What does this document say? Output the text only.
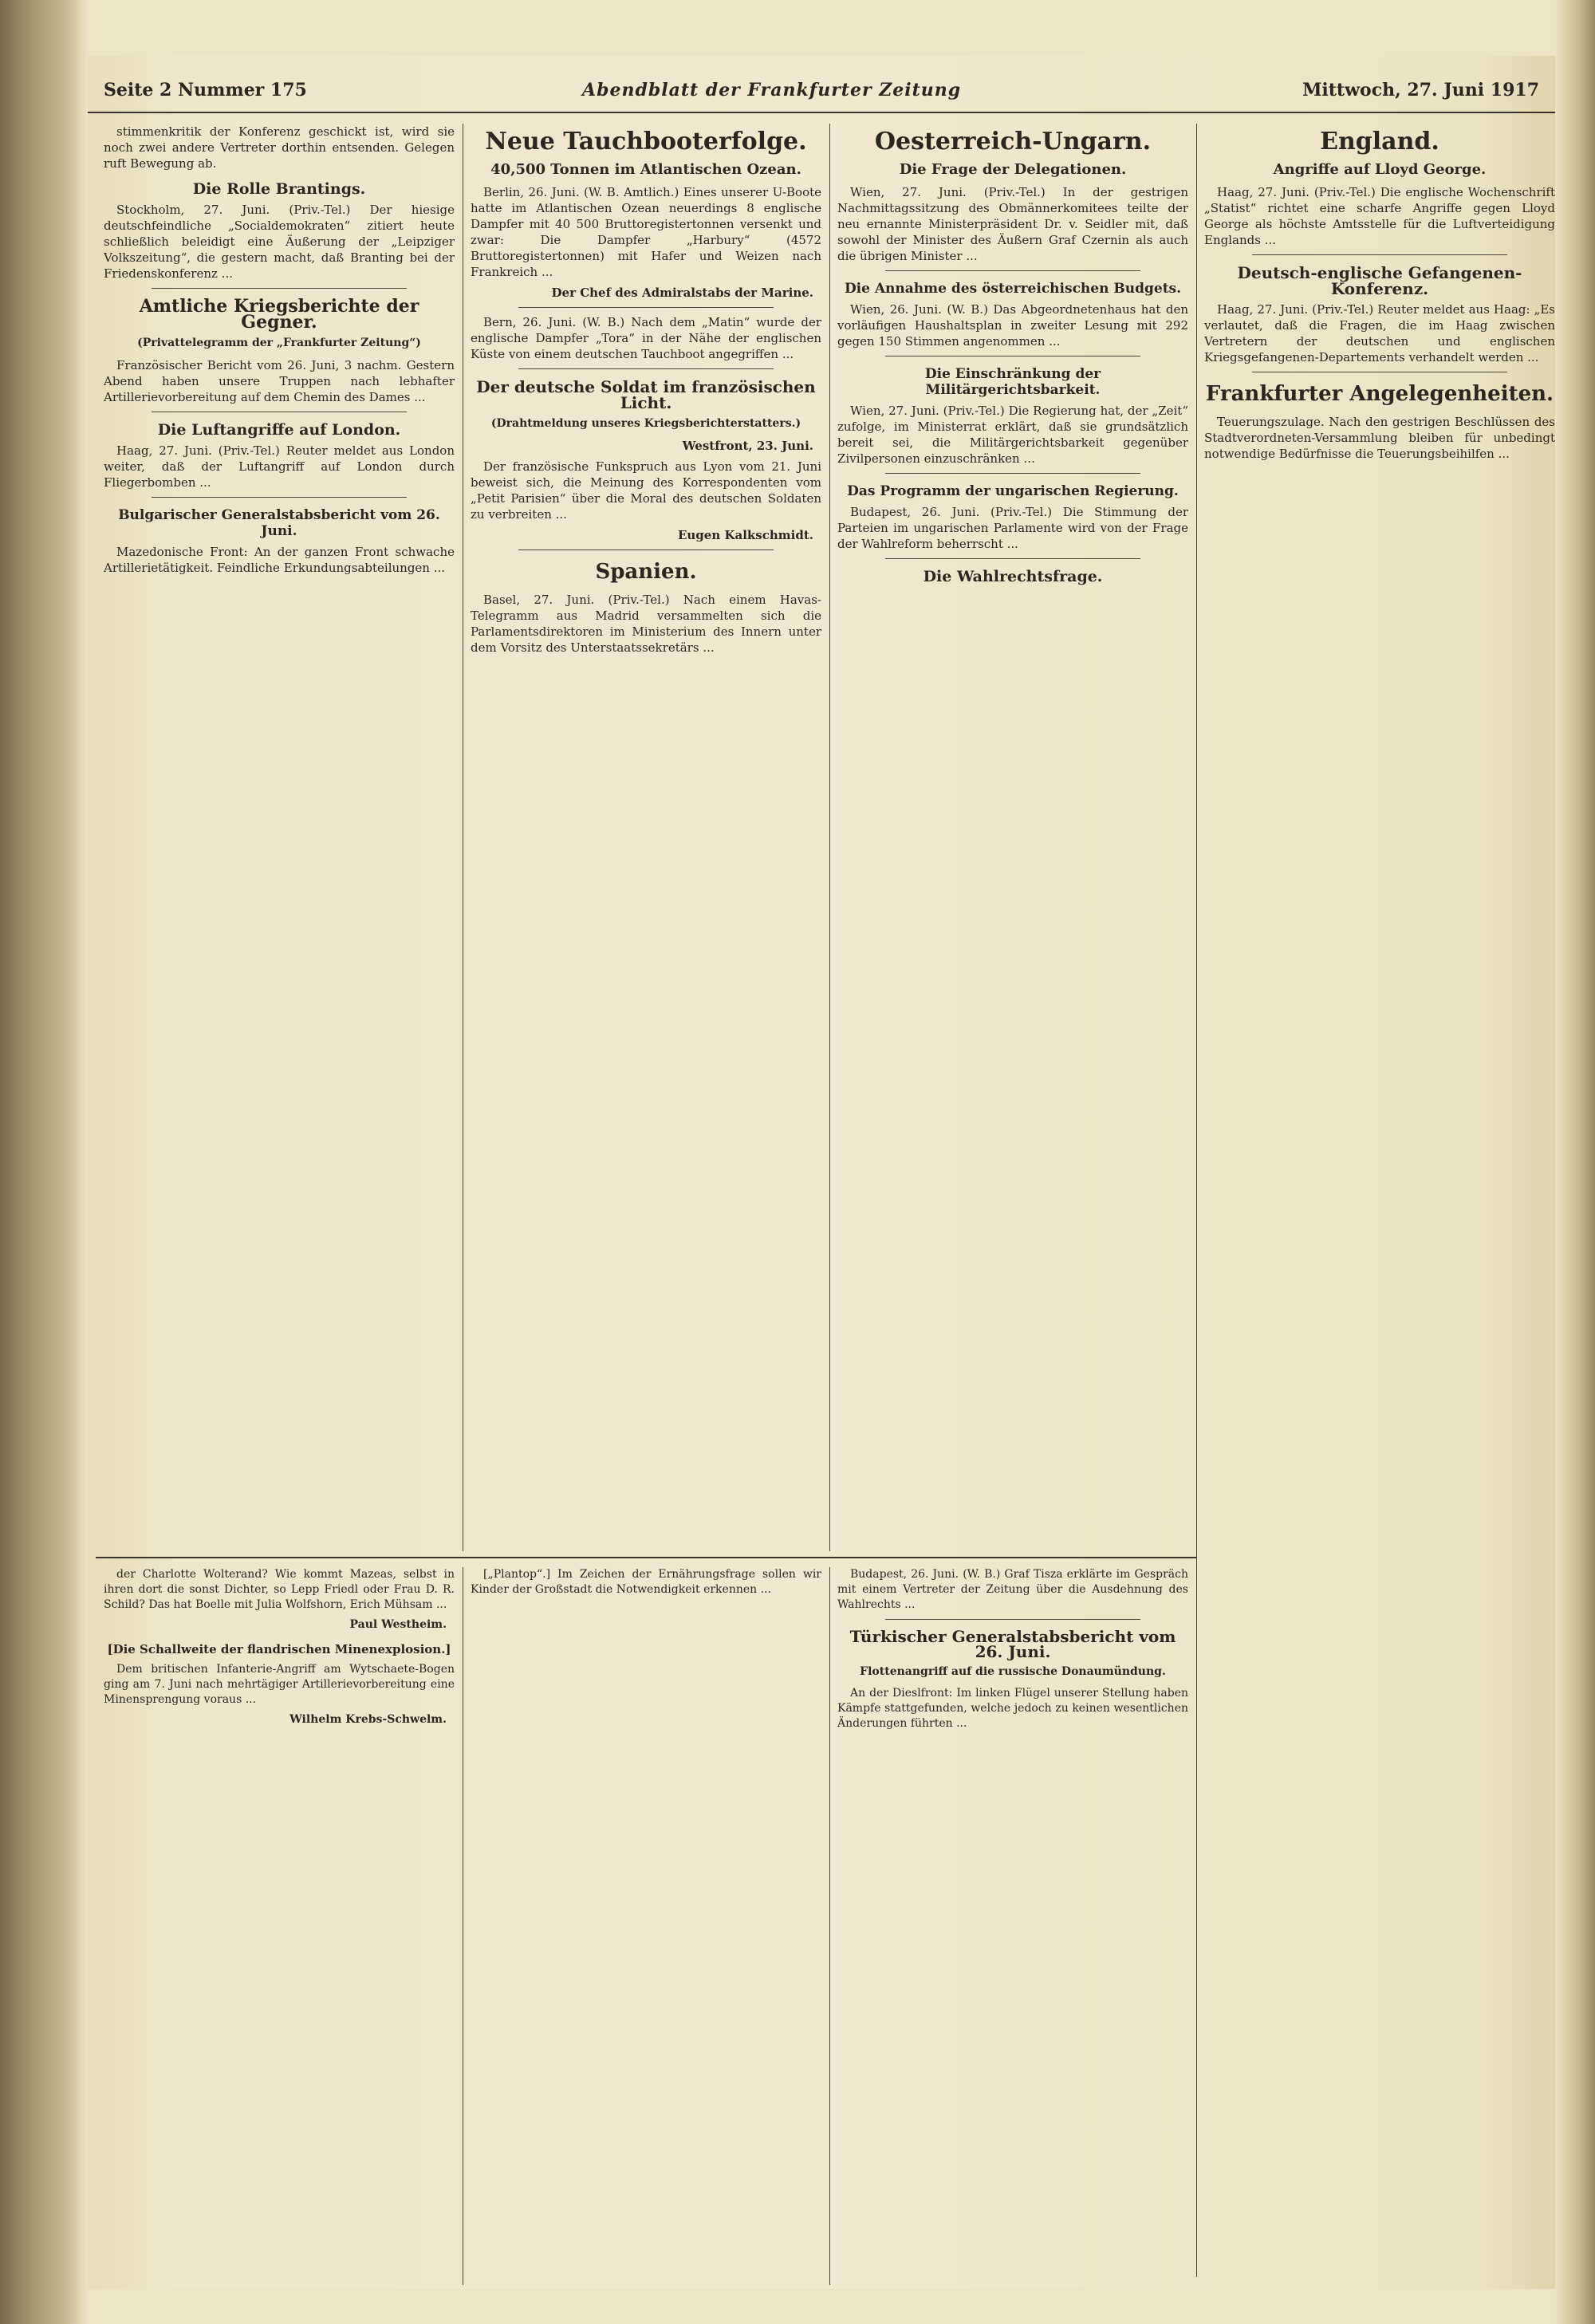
Seite 2 Nummer 175	Abendblatt der Frankfurter Zeitung	Mittwoch, 27. Juni 1917

stimmenkritik der Konferenz geschickt ist, wird sie noch zwei andere Vertreter dorthin entsenden. Gelegen ruft Bewegung ab.

Die Rolle Brantings.

Stockholm, 27. Juni. (Priv.-Tel.) Der hiesige deutschfeindliche „Socialdemokraten“ zitiert heute schließlich beleidigt eine Äußerung der „Leipziger Volkszeitung“, die gestern macht, daß Branting bei der Friedenskonferenz ...

Amtliche Kriegsberichte der Gegner.
(Privattelegramm der „Frankfurter Zeitung“)

Französischer Bericht vom 26. Juni, 3 nachm. Gestern Abend haben unsere Truppen nach lebhafter Artillerievorbereitung auf dem Chemin des Dames ...

Die Luftangriffe auf London.

Haag, 27. Juni. (Priv.-Tel.) Reuter meldet aus London weiter, daß der Luftangriff auf London durch Fliegerbomben ...

Bulgarischer Generalstabsbericht vom 26. Juni.

Mazedonische Front: An der ganzen Front schwache Artillerietätigkeit. Feindliche Erkundungsabteilungen ...

Neue Tauchbooterfolge.
40,500 Tonnen im Atlantischen Ozean.

Berlin, 26. Juni. (W. B. Amtlich.) Eines unserer U-Boote hatte im Atlantischen Ozean neuerdings 8 englische Dampfer mit 40 500 Bruttoregistertonnen versenkt und zwar: Die Dampfer „Harbury“ (4572 Bruttoregistertonnen) mit Hafer und Weizen nach Frankreich ...

Der Chef des Admiralstabs der Marine.

Bern, 26. Juni. (W. B.) Nach dem „Matin“ wurde der englische Dampfer „Tora“ in der Nähe der englischen Küste von einem deutschen Tauchboot angegriffen ...

Der deutsche Soldat im französischen Licht.
(Drahtmeldung unseres Kriegsberichterstatters.)

Westfront, 23. Juni.

Der französische Funkspruch aus Lyon vom 21. Juni beweist sich, die Meinung des Korrespondenten vom „Petit Parisien“ über die Moral des deutschen Soldaten zu verbreiten ...

Eugen Kalkschmidt.

Spanien.

Basel, 27. Juni. (Priv.-Tel.) Nach einem Havas-Telegramm aus Madrid versammelten sich die Parlamentsdirektoren im Ministerium des Innern unter dem Vorsitz des Unterstaatssekretärs ...

Oesterreich-Ungarn.
Die Frage der Delegationen.

Wien, 27. Juni. (Priv.-Tel.) In der gestrigen Nachmittagssitzung des Obmännerkomitees teilte der neu ernannte Ministerpräsident Dr. v. Seidler mit, daß sowohl der Minister des Äußern Graf Czernin als auch die übrigen Minister ...

Die Annahme des österreichischen Budgets.

Wien, 26. Juni. (W. B.) Das Abgeordnetenhaus hat den vorläufigen Haushaltsplan in zweiter Lesung mit 292 gegen 150 Stimmen angenommen ...

Die Einschränkung der Militärgerichtsbarkeit.

Wien, 27. Juni. (Priv.-Tel.) Die Regierung hat, der „Zeit“ zufolge, im Ministerrat erklärt, daß sie grundsätzlich bereit sei, die Militärgerichtsbarkeit gegenüber Zivilpersonen einzuschränken ...

Das Programm der ungarischen Regierung.

Budapest, 26. Juni. (Priv.-Tel.) Die Stimmung der Parteien im ungarischen Parlamente wird von der Frage der Wahlreform beherrscht ...

Die Wahlrechtsfrage.
England.
Angriffe auf Lloyd George.

Haag, 27. Juni. (Priv.-Tel.) Die englische Wochenschrift „Statist“ richtet eine scharfe Angriffe gegen Lloyd George als höchste Amtsstelle für die Luftverteidigung Englands ...

Deutsch-englische Gefangenen-Konferenz.

Haag, 27. Juni. (Priv.-Tel.) Reuter meldet aus Haag: „Es verlautet, daß die Fragen, die im Haag zwischen Vertretern der deutschen und englischen Kriegsgefangenen-Departements verhandelt werden ...

Frankfurter Angelegenheiten.

Teuerungszulage. Nach den gestrigen Beschlüssen des Stadtverordneten-Versammlung bleiben für unbedingt notwendige Bedürfnisse die Teuerungsbeihilfen ...

der Charlotte Wolterand? Wie kommt Mazeas, selbst in ihren dort die sonst Dichter, so Lepp Friedl oder Frau D. R. Schild? Das hat Boelle mit Julia Wolfshorn, Erich Mühsam ...

Paul Westheim.

[Die Schallweite der flandrischen Minenexplosion.]

Dem britischen Infanterie-Angriff am Wytschaete-Bogen ging am 7. Juni nach mehrtägiger Artillerievorbereitung eine Minensprengung voraus ...

Wilhelm Krebs-Schwelm.

[„Plantop“.] Im Zeichen der Ernährungsfrage sollen wir Kinder der Großstadt die Notwendigkeit erkennen ...

Budapest, 26. Juni. (W. B.) Graf Tisza erklärte im Gespräch mit einem Vertreter der Zeitung über die Ausdehnung des Wahlrechts ...

Türkischer Generalstabsbericht vom 26. Juni.
Flottenangriff auf die russische Donaumündung.

An der Dieslfront: Im linken Flügel unserer Stellung haben Kämpfe stattgefunden, welche jedoch zu keinen wesentlichen Änderungen führten ...
